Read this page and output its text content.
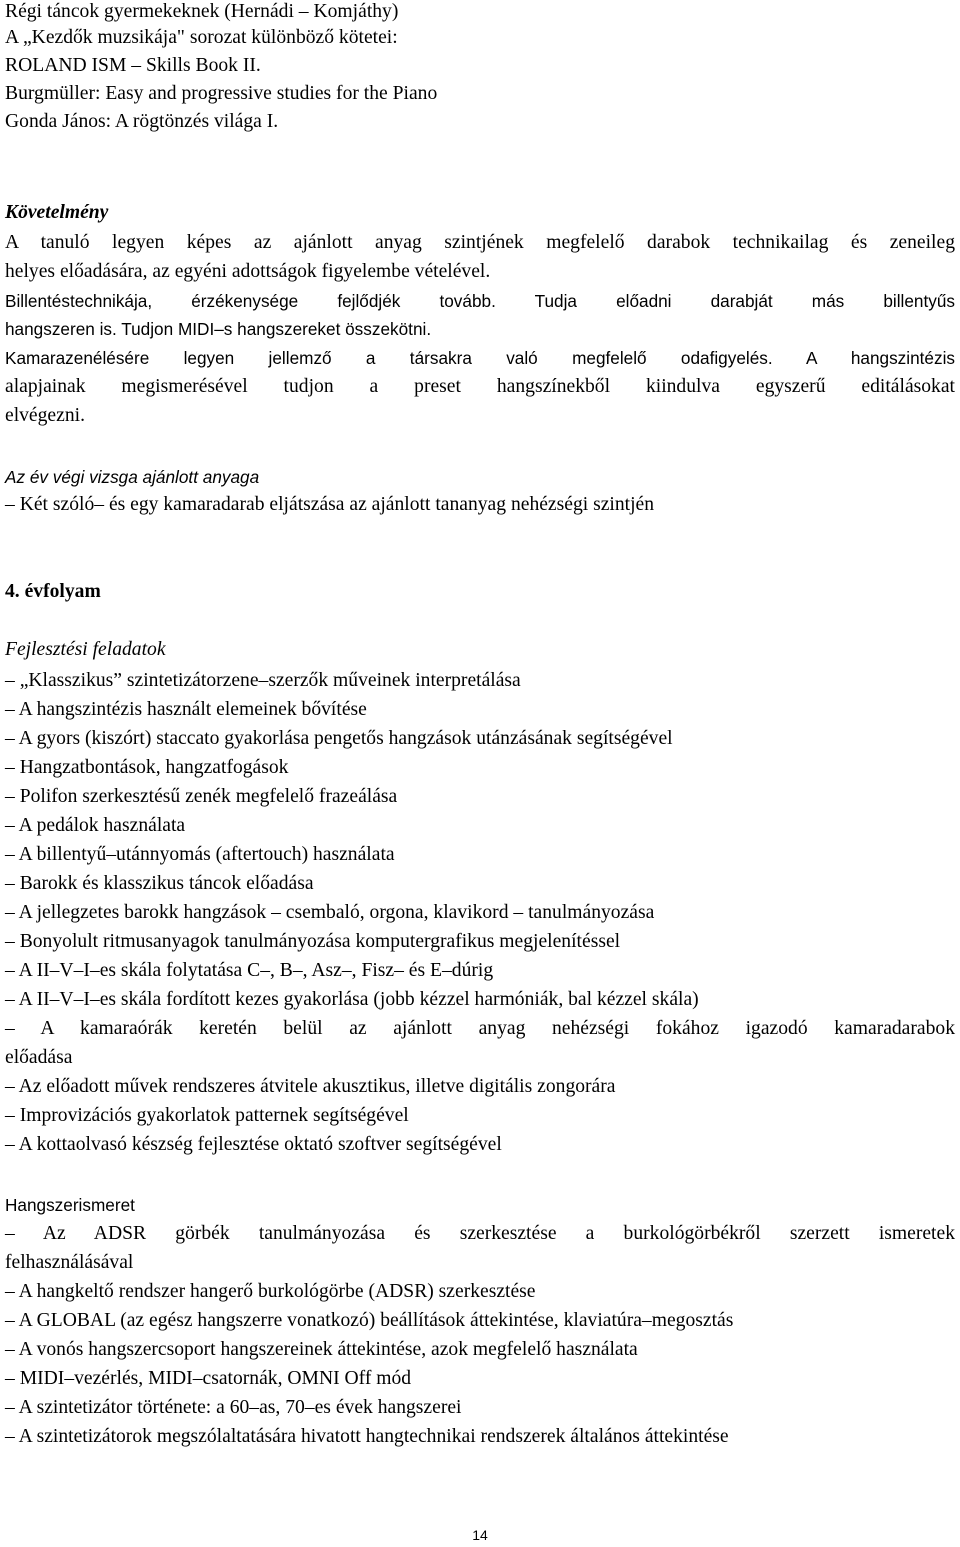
Régi táncok gyermekeknek (Hernádi – Komjáthy)
A „Kezdők muzsikája" sorozat különböző kötetei:
ROLAND ISM – Skills Book II.
Burgmüller: Easy and progressive studies for the Piano
Gonda János: A rögtönzés világa I.
Követelmény
A tanuló legyen képes az ajánlott anyag szintjének megfelelő darabok technikailag és zeneileg
helyes előadására, az egyéni adottságok figyelembe vételével.
Billentéstechnikája, érzékenysége fejlődjék tovább. Tudja előadni darabját más billentyűs
hangszeren is. Tudjon MIDI–s hangszereket összekötni.
Kamarazenélésére legyen jellemző a társakra való megfelelő odafigyelés. A hangszintézis
alapjainak megismerésével tudjon a preset hangszínekből kiindulva egyszerű editálásokat
elvégezni.
Az év végi vizsga ajánlott anyaga
– Két szóló– és egy kamaradarab eljátszása az ajánlott tananyag nehézségi szintjén
4. évfolyam
Fejlesztési feladatok
– „Klasszikus” szintetizátorzene–szerzők műveinek interpretálása
– A hangszintézis használt elemeinek bővítése
– A gyors (kiszórt) staccato gyakorlása pengetős hangzások utánzásának segítségével
– Hangzatbontások, hangzatfogások
– Polifon szerkesztésű zenék megfelelő frazeálása
– A pedálok használata
– A billentyű–utánnyomás (aftertouch) használata
– Barokk és klasszikus táncok előadása
– A jellegzetes barokk hangzások – csembaló, orgona, klavikord – tanulmányozása
– Bonyolult ritmusanyagok tanulmányozása komputergrafikus megjelenítéssel
– A II–V–I–es skála folytatása C–, B–, Asz–, Fisz– és E–dúrig
– A II–V–I–es skála fordított kezes gyakorlása (jobb kézzel harmóniák, bal kézzel skála)
– A kamaraórák keretén belül az ajánlott anyag nehézségi fokához igazodó kamaradarabok
előadása
– Az előadott művek rendszeres átvitele akusztikus, illetve digitális zongorára
– Improvizációs gyakorlatok patternek segítségével
– A kottaolvasó készség fejlesztése oktató szoftver segítségével
Hangszerismeret
– Az ADSR görbék tanulmányozása és szerkesztése a burkológörbékről szerzett ismeretek
felhasználásával
– A hangkeltő rendszer hangerő burkológörbe (ADSR) szerkesztése
– A GLOBAL (az egész hangszerre vonatkozó) beállítások áttekintése, klaviatúra–megosztás
– A vonós hangszercsoport hangszereinek áttekintése, azok megfelelő használata
– MIDI–vezérlés, MIDI–csatornák, OMNI Off mód
– A szintetizátor története: a 60–as, 70–es évek hangszerei
– A szintetizátorok megszólaltatására hivatott hangtechnikai rendszerek általános áttekintése
14
